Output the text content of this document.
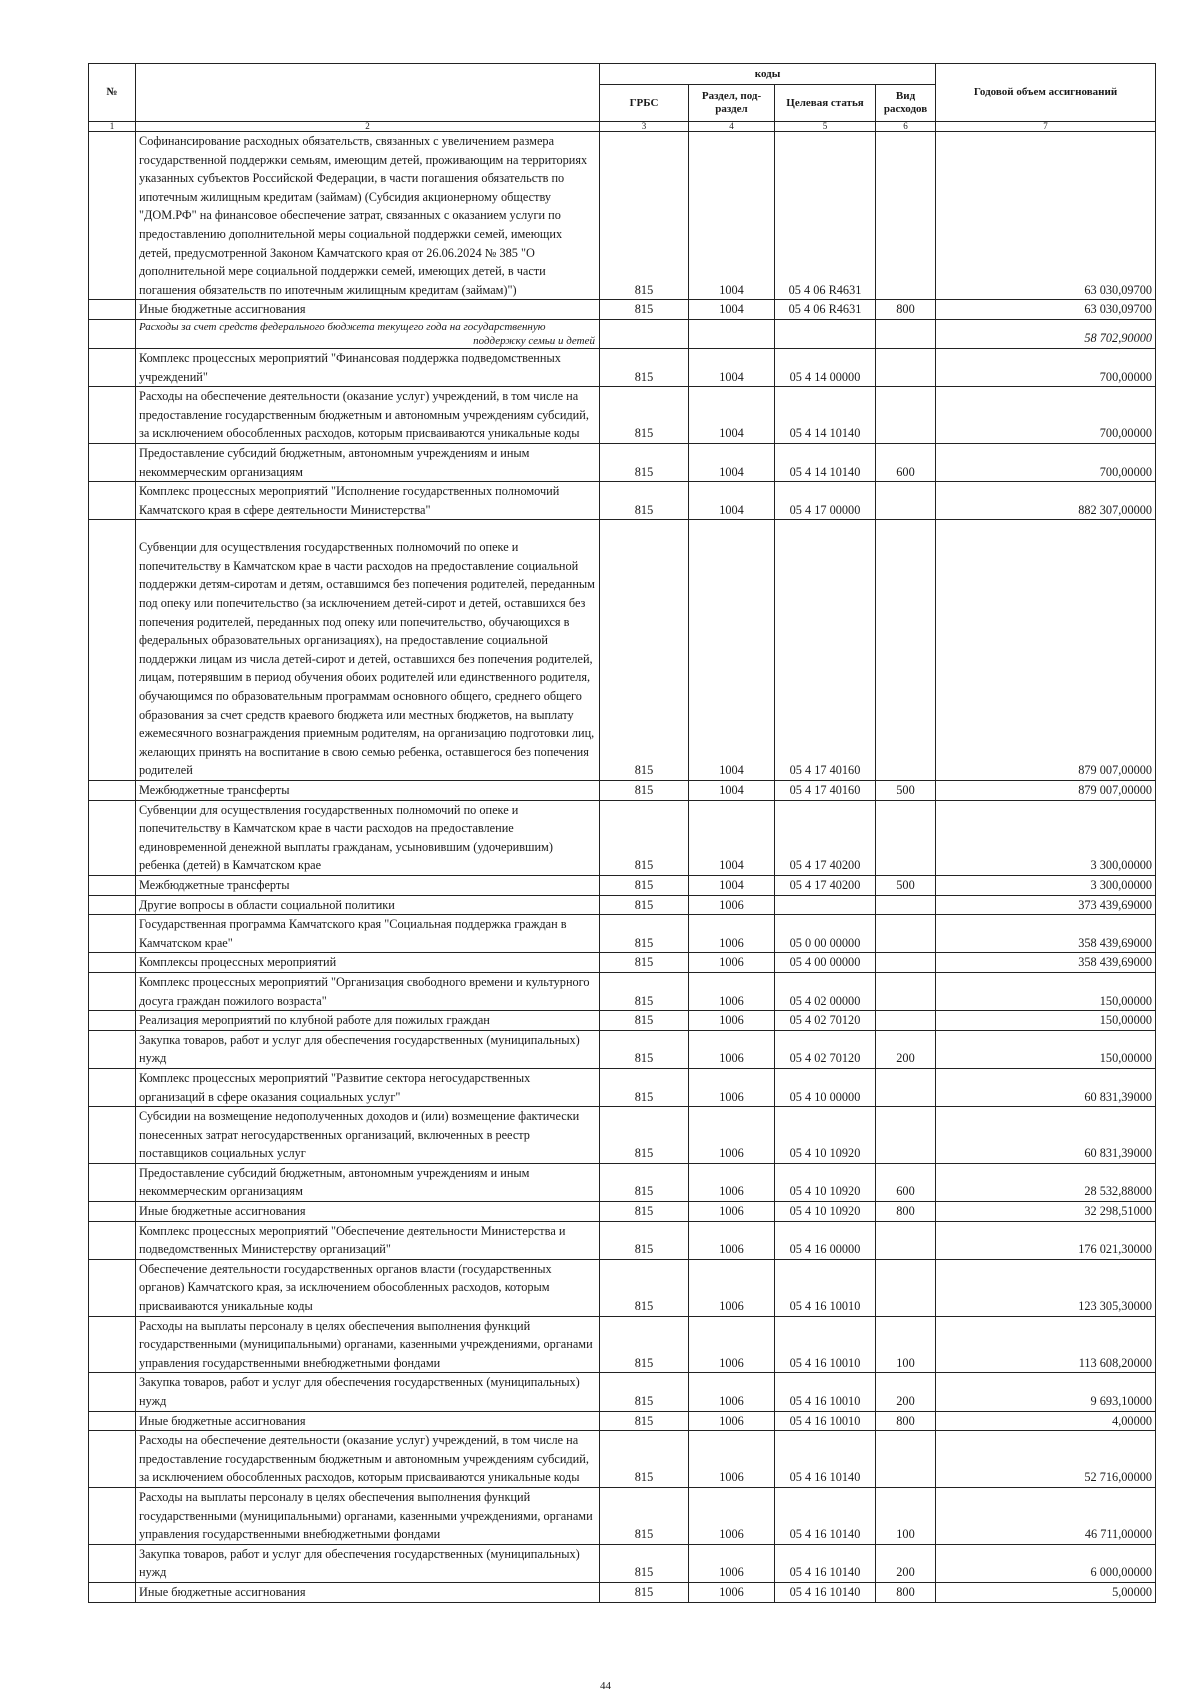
№		коды				Годовой объем ассигнований
		ГРБС	Раздел, под-раздел	Целевая статья	Вид расходов	
1	2	3	4	5	6	7
	Софинансирование расходных обязательств, связанных с увеличением размера государственной поддержки семьям, имеющим детей, проживающим на территориях указанных субъектов Российской Федерации, в части погашения обязательств по ипотечным жилищным кредитам (займам) (Субсидия акционерному обществу "ДОМ.РФ" на финансовое обеспечение затрат, связанных с оказанием услуги по предоставлению дополнительной меры социальной поддержки семей, имеющих детей, предусмотренной Законом Камчатского края от 26.06.2024 № 385 "О дополнительной мере социальной поддержки семей, имеющих детей, в части погашения обязательств по ипотечным жилищным кредитам (займам)")	815	1004	05 4 06 R4631		63 030,09700
	Иные бюджетные ассигнования	815	1004	05 4 06 R4631	800	63 030,09700

	Расходы за счет средств федерального бюджета текущего года на государственную
поддержку семьи и детей					58 702,90000
	Комплекс процессных мероприятий "Финансовая поддержка подведомственных учреждений"	815	1004	05 4 14 00000		700,00000
	Расходы на обеспечение деятельности (оказание услуг) учреждений, в том числе на предоставление государственным бюджетным и автономным учреждениям субсидий, за исключением обособленных расходов, которым присваиваются уникальные коды	815	1004	05 4 14 10140		700,00000
	Предоставление субсидий бюджетным, автономным учреждениям и иным некоммерческим организациям	815	1004	05 4 14 10140	600	700,00000
	Комплекс процессных мероприятий "Исполнение государственных полномочий Камчатского края в сфере деятельности Министерства"	815	1004	05 4 17 00000		882 307,00000
	Субвенции для осуществления государственных полномочий по опеке и попечительству в Камчатском крае в части расходов на предоставление социальной поддержки детям-сиротам и детям, оставшимся без попечения родителей, переданным под опеку или попечительство (за исключением детей-сирот и детей, оставшихся без попечения родителей, переданных под опеку или попечительство, обучающихся в федеральных образовательных организациях), на предоставление социальной поддержки лицам из числа детей-сирот и детей, оставшихся без попечения родителей, лицам, потерявшим в период обучения обоих родителей или единственного родителя, обучающимся по образовательным программам основного общего, среднего общего образования за счет средств краевого бюджета или местных бюджетов, на выплату ежемесячного вознаграждения приемным родителям, на организацию подготовки лиц, желающих принять на воспитание в свою семью ребенка, оставшегося без попечения родителей	815	1004	05 4 17 40160		879 007,00000
	Межбюджетные трансферты	815	1004	05 4 17 40160	500	879 007,00000
	Субвенции для осуществления государственных полномочий по опеке и попечительству в Камчатском крае в части расходов на предоставление единовременной денежной выплаты гражданам, усыновившим (удочерившим) ребенка (детей) в Камчатском крае	815	1004	05 4 17 40200		3 300,00000
	Межбюджетные трансферты	815	1004	05 4 17 40200	500	3 300,00000
	Другие вопросы в области социальной политики	815	1006			373 439,69000
	Государственная программа Камчатского края "Социальная поддержка граждан в Камчатском крае"	815	1006	05 0 00 00000		358 439,69000
	Комплексы процессных мероприятий	815	1006	05 4 00 00000		358 439,69000
	Комплекс процессных мероприятий "Организация свободного времени и культурного досуга граждан пожилого возраста"	815	1006	05 4 02 00000		150,00000
	Реализация мероприятий по клубной работе для пожилых граждан	815	1006	05 4 02 70120		150,00000
	Закупка товаров, работ и услуг для обеспечения государственных (муниципальных) нужд	815	1006	05 4 02 70120	200	150,00000
	Комплекс процессных мероприятий "Развитие сектора негосударственных организаций в сфере оказания социальных услуг"	815	1006	05 4 10 00000		60 831,39000
	Субсидии на возмещение недополученных доходов и (или) возмещение фактически понесенных затрат негосударственных организаций, включенных в реестр поставщиков социальных услуг	815	1006	05 4 10 10920		60 831,39000
	Предоставление субсидий бюджетным, автономным учреждениям и иным некоммерческим организациям	815	1006	05 4 10 10920	600	28 532,88000
	Иные бюджетные ассигнования	815	1006	05 4 10 10920	800	32 298,51000
	Комплекс процессных мероприятий "Обеспечение деятельности Министерства и подведомственных Министерству организаций"	815	1006	05 4 16 00000		176 021,30000
	Обеспечение деятельности государственных органов власти (государственных органов) Камчатского края, за исключением обособленных расходов, которым присваиваются уникальные коды	815	1006	05 4 16 10010		123 305,30000
	Расходы на выплаты персоналу в целях обеспечения выполнения функций государственными (муниципальными) органами, казенными учреждениями, органами управления государственными внебюджетными фондами	815	1006	05 4 16 10010	100	113 608,20000
	Закупка товаров, работ и услуг для обеспечения государственных (муниципальных) нужд	815	1006	05 4 16 10010	200	9 693,10000
	Иные бюджетные ассигнования	815	1006	05 4 16 10010	800	4,00000
	Расходы на обеспечение деятельности (оказание услуг) учреждений, в том числе на предоставление государственным бюджетным и автономным учреждениям субсидий, за исключением обособленных расходов, которым присваиваются уникальные коды	815	1006	05 4 16 10140		52 716,00000
	Расходы на выплаты персоналу в целях обеспечения выполнения функций государственными (муниципальными) органами, казенными учреждениями, органами управления государственными внебюджетными фондами	815	1006	05 4 16 10140	100	46 711,00000
	Закупка товаров, работ и услуг для обеспечения государственных (муниципальных) нужд	815	1006	05 4 16 10140	200	6 000,00000
	Иные бюджетные ассигнования	815	1006	05 4 16 10140	800	5,00000
44
